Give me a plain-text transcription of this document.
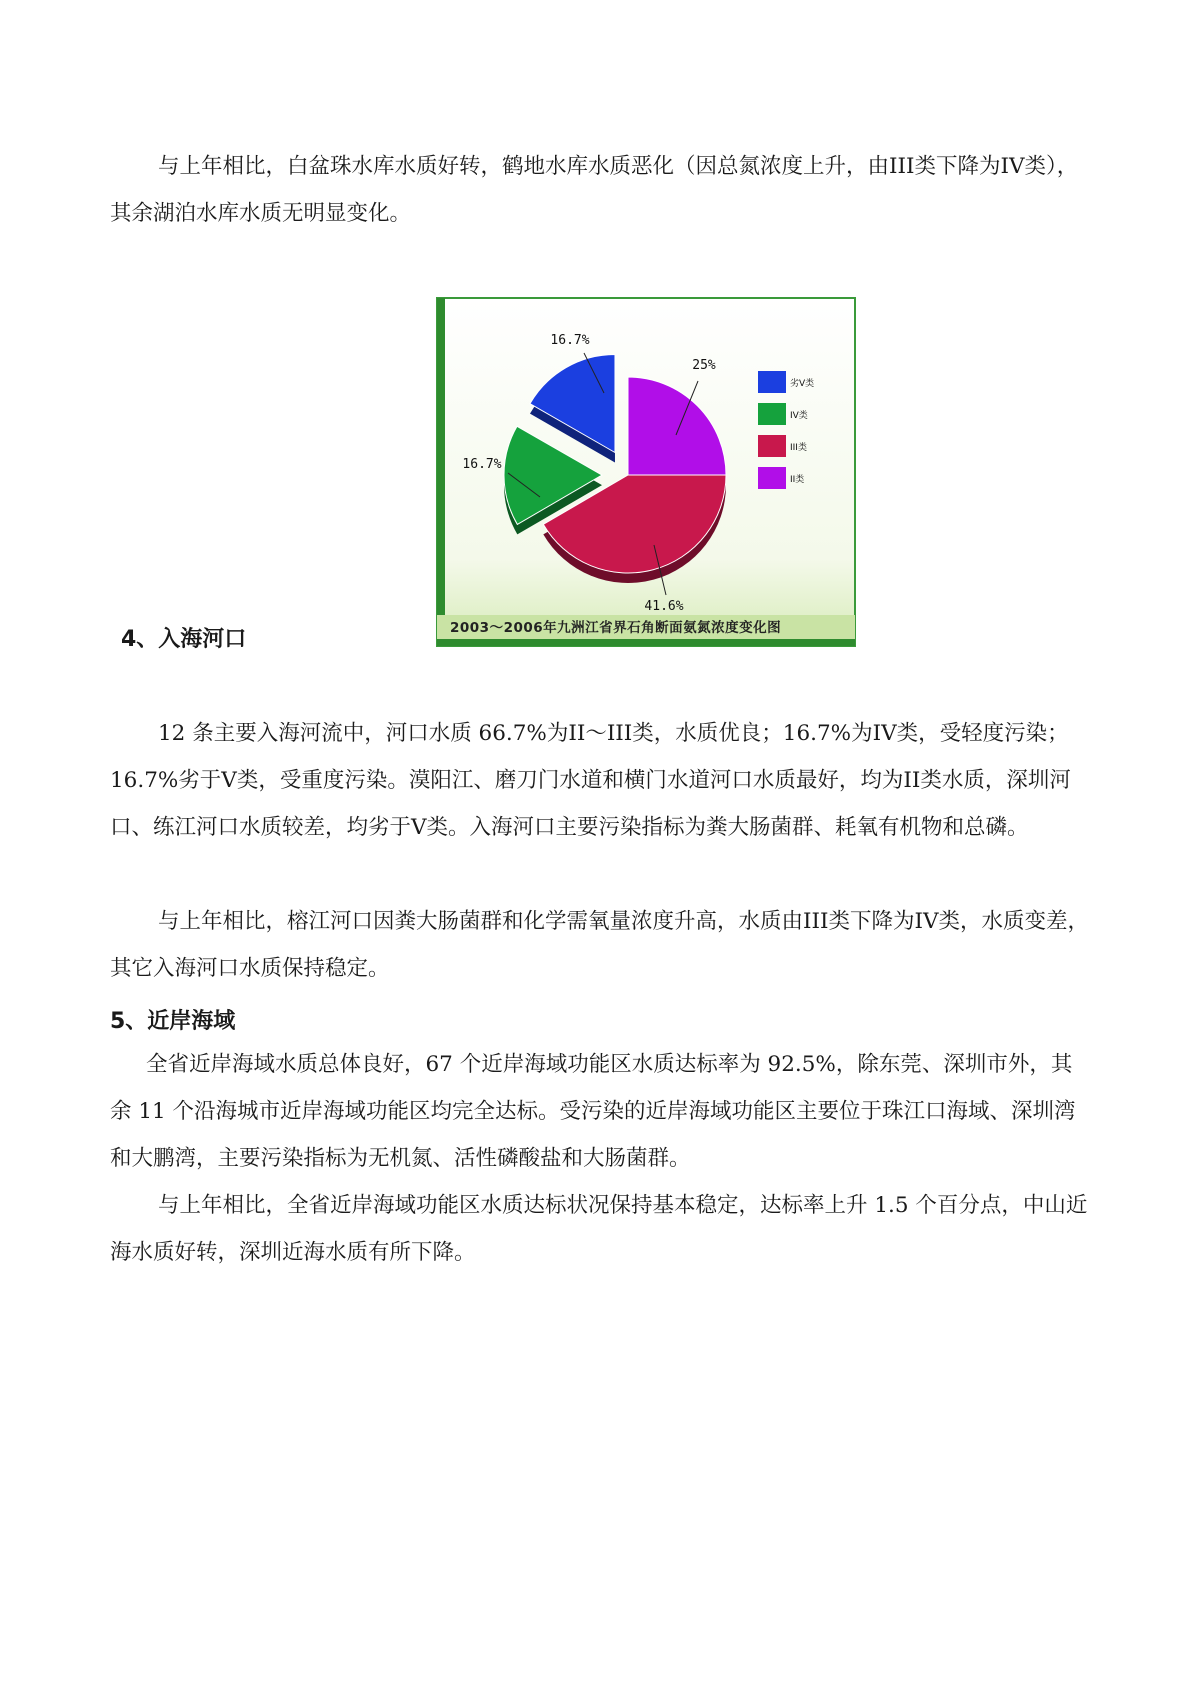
与上年相比，白盆珠水库水质好转，鹤地水库水质恶化（因总氮浓度上升，由III类下降为IV类），其余湖泊水库水质无明显变化。

25%
41.6%
16.7%
16.7%
劣V类
IV类
III类
II类
2003～2006年九洲江省界石角断面氨氮浓度变化图

4、入海河口

12 条主要入海河流中，河口水质 66.7%为II～III类，水质优良；16.7%为IV类，受轻度污染；16.7%劣于V类，受重度污染。漠阳江、磨刀门水道和横门水道河口水质最好，均为II类水质，深圳河口、练江河口水质较差，均劣于V类。入海河口主要污染指标为粪大肠菌群、耗氧有机物和总磷。

与上年相比，榕江河口因粪大肠菌群和化学需氧量浓度升高，水质由III类下降为IV类，水质变差，其它入海河口水质保持稳定。

5、近岸海域

全省近岸海域水质总体良好，67 个近岸海域功能区水质达标率为 92.5%，除东莞、深圳市外，其余 11 个沿海城市近岸海域功能区均完全达标。受污染的近岸海域功能区主要位于珠江口海域、深圳湾和大鹏湾，主要污染指标为无机氮、活性磷酸盐和大肠菌群。

与上年相比，全省近岸海域功能区水质达标状况保持基本稳定，达标率上升 1.5 个百分点，中山近海水质好转，深圳近海水质有所下降。
